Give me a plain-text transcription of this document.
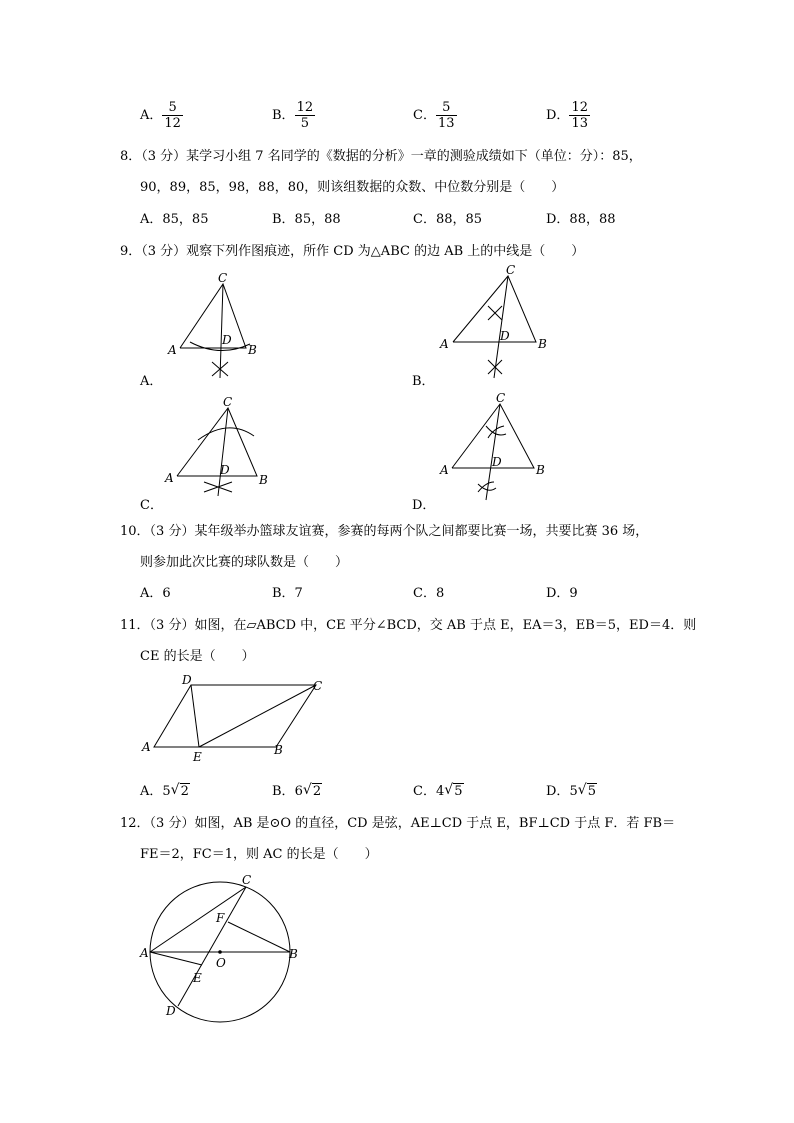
A． $\frac{5}{12}$	B． $\frac{12}{5}$	C． $\frac{5}{13}$	D． $\frac{12}{13}$
8．（3 分）某学习小组 7 名同学的《数据的分析》一章的测验成绩如下（单位：分）：85，
90，89，85，98，88，80，则该组数据的众数、中位数分别是（　　）
A．85，85	B．85，88	C．88，85	D．88，88
9．（3 分）观察下列作图痕迹，所作 CD 为△ABC 的边 AB 上的中线是（　　）
C
A	B
D
A．
C
A	B
D
B．
C
A	B
D
C．
C
A	B
D
D．
10．（3 分）某年级举办篮球友谊赛，参赛的每两个队之间都要比赛一场，共要比赛 36 场，
则参加此次比赛的球队数是（　　）
A．6	B．7	C．8	D．9
11．（3 分）如图，在▱ABCD 中，CE 平分∠BCD，交 AB 于点 E，EA＝3，EB＝5，ED＝4．则
CE 的长是（　　）
D	C
A
E	B
A．5 √ 2	B．6 √ 2	C．4 √ 5	D．5 √ 5
12．（3 分）如图，AB 是⊙O 的直径，CD 是弦，AE⊥CD 于点 E，BF⊥CD 于点 F．若 FB＝
FE＝2，FC＝1，则 AC 的长是（　　）
C
F
A	B
O
E
D
